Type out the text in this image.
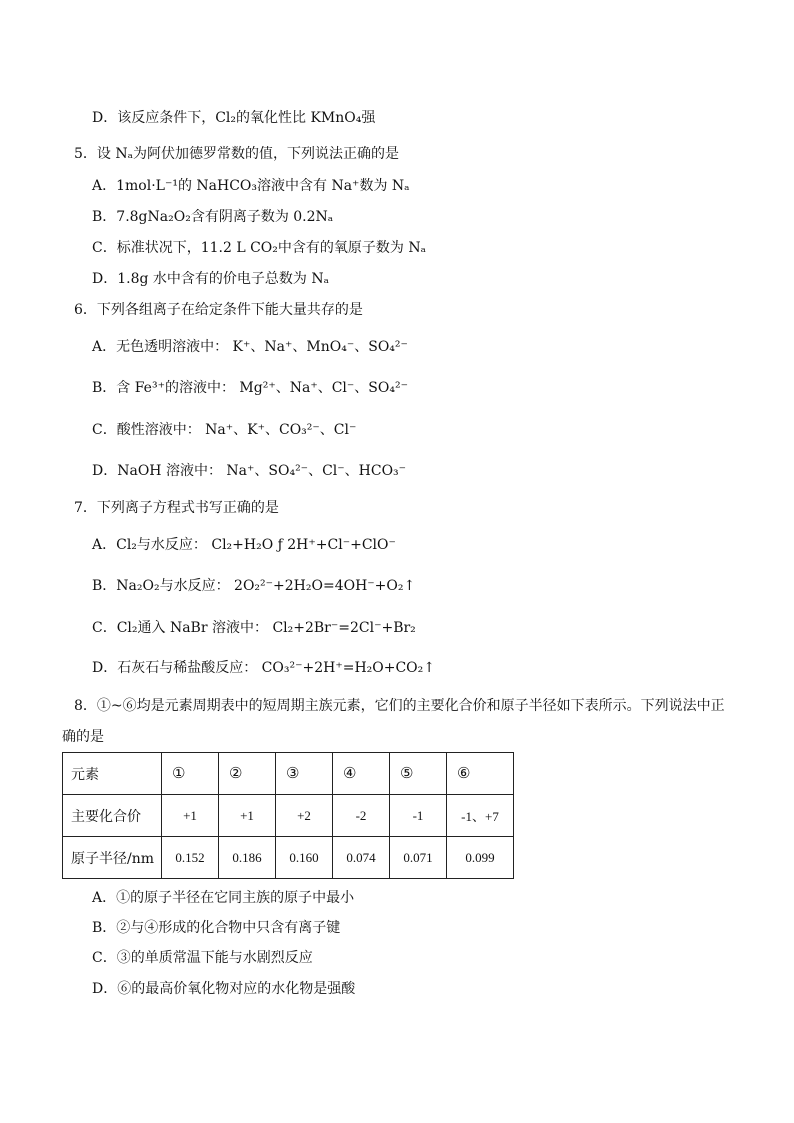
D．该反应条件下，Cl₂的氧化性比 KMnO₄强
5．设 Nₐ为阿伏加德罗常数的值，下列说法正确的是
A．1mol·L⁻¹的 NaHCO₃溶液中含有 Na⁺数为 Nₐ
B．7.8gNa₂O₂含有阴离子数为 0.2Nₐ
C．标准状况下，11.2 L CO₂中含有的氧原子数为 Nₐ
D．1.8g 水中含有的价电子总数为 Nₐ
6．下列各组离子在给定条件下能大量共存的是
A．无色透明溶液中： K⁺、Na⁺、MnO₄⁻、SO₄²⁻
B．含 Fe³⁺的溶液中： Mg²⁺、Na⁺、Cl⁻、SO₄²⁻
C．酸性溶液中： Na⁺、K⁺、CO₃²⁻、Cl⁻
D．NaOH 溶液中： Na⁺、SO₄²⁻、Cl⁻、HCO₃⁻
7．下列离子方程式书写正确的是
A．Cl₂与水反应： Cl₂+H₂O ƒ 2H⁺+Cl⁻+ClO⁻
B．Na₂O₂与水反应： 2O₂²⁻+2H₂O=4OH⁻+O₂↑
C．Cl₂通入 NaBr 溶液中： Cl₂+2Br⁻=2Cl⁻+Br₂
D．石灰石与稀盐酸反应： CO₃²⁻+2H⁺=H₂O+CO₂↑
8．①~⑥均是元素周期表中的短周期主族元素，它们的主要化合价和原子半径如下表所示。下列说法中正
确的是
元素	①	②	③	④	⑤	⑥
主要化合价	+1	+1	+2	-2	-1	-1、+7
原子半径/nm	0.152	0.186	0.160	0.074	0.071	0.099
A．①的原子半径在它同主族的原子中最小
B．②与④形成的化合物中只含有离子键
C．③的单质常温下能与水剧烈反应
D．⑥的最高价氧化物对应的水化物是强酸
